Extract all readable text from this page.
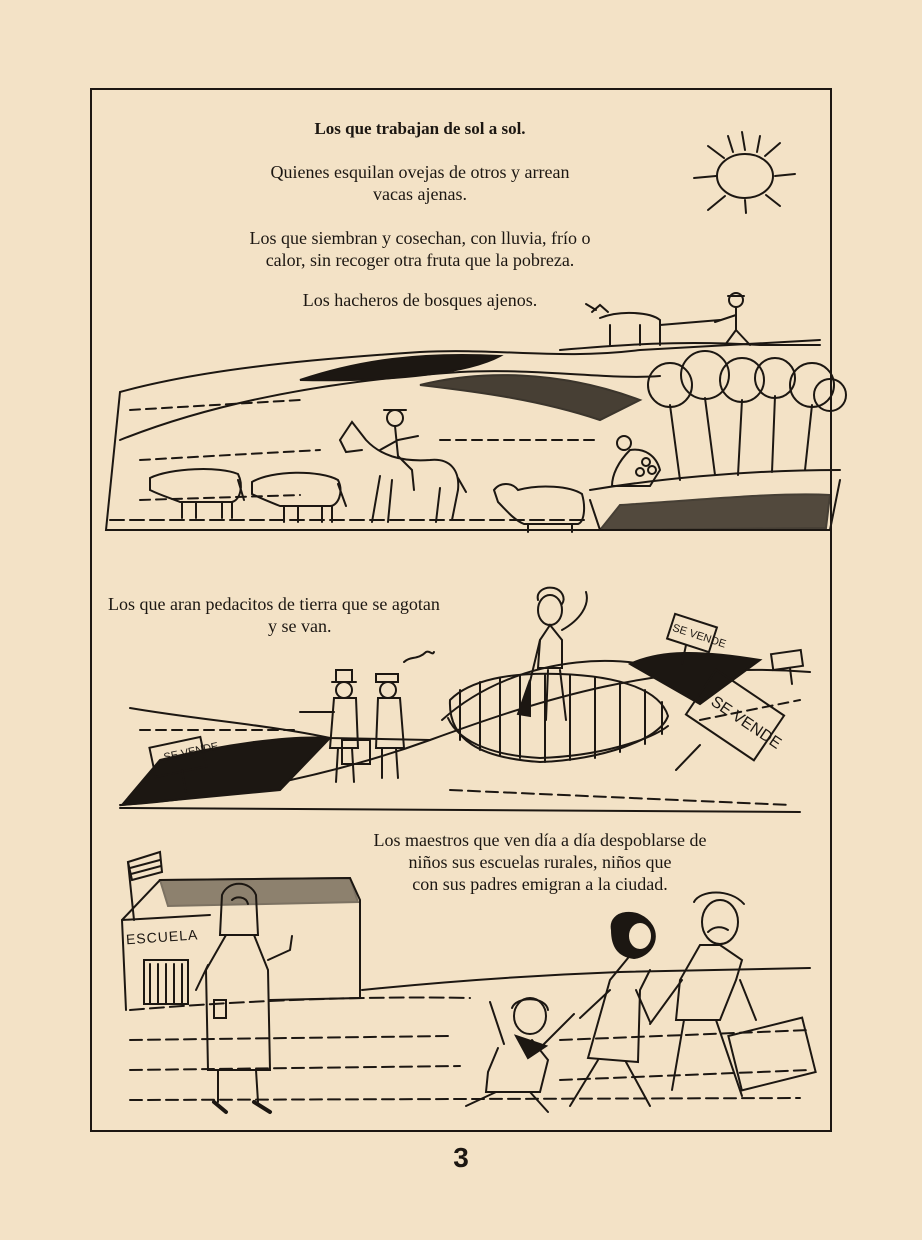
SE VENDE
SE VENDE
SE VENDE
ESCUELA
Los que trabajan de sol a sol.
Quienes esquilan ovejas de otros y arrean
vacas ajenas.
Los que siembran y cosechan, con lluvia, frío o
calor, sin recoger otra fruta que la pobreza.
Los hacheros de bosques ajenos.
Los que aran pedacitos de tierra que se agotan
y se van.
Los maestros que ven día a día despoblarse de
niños sus escuelas rurales, niños que
con sus padres emigran a la ciudad.
3
